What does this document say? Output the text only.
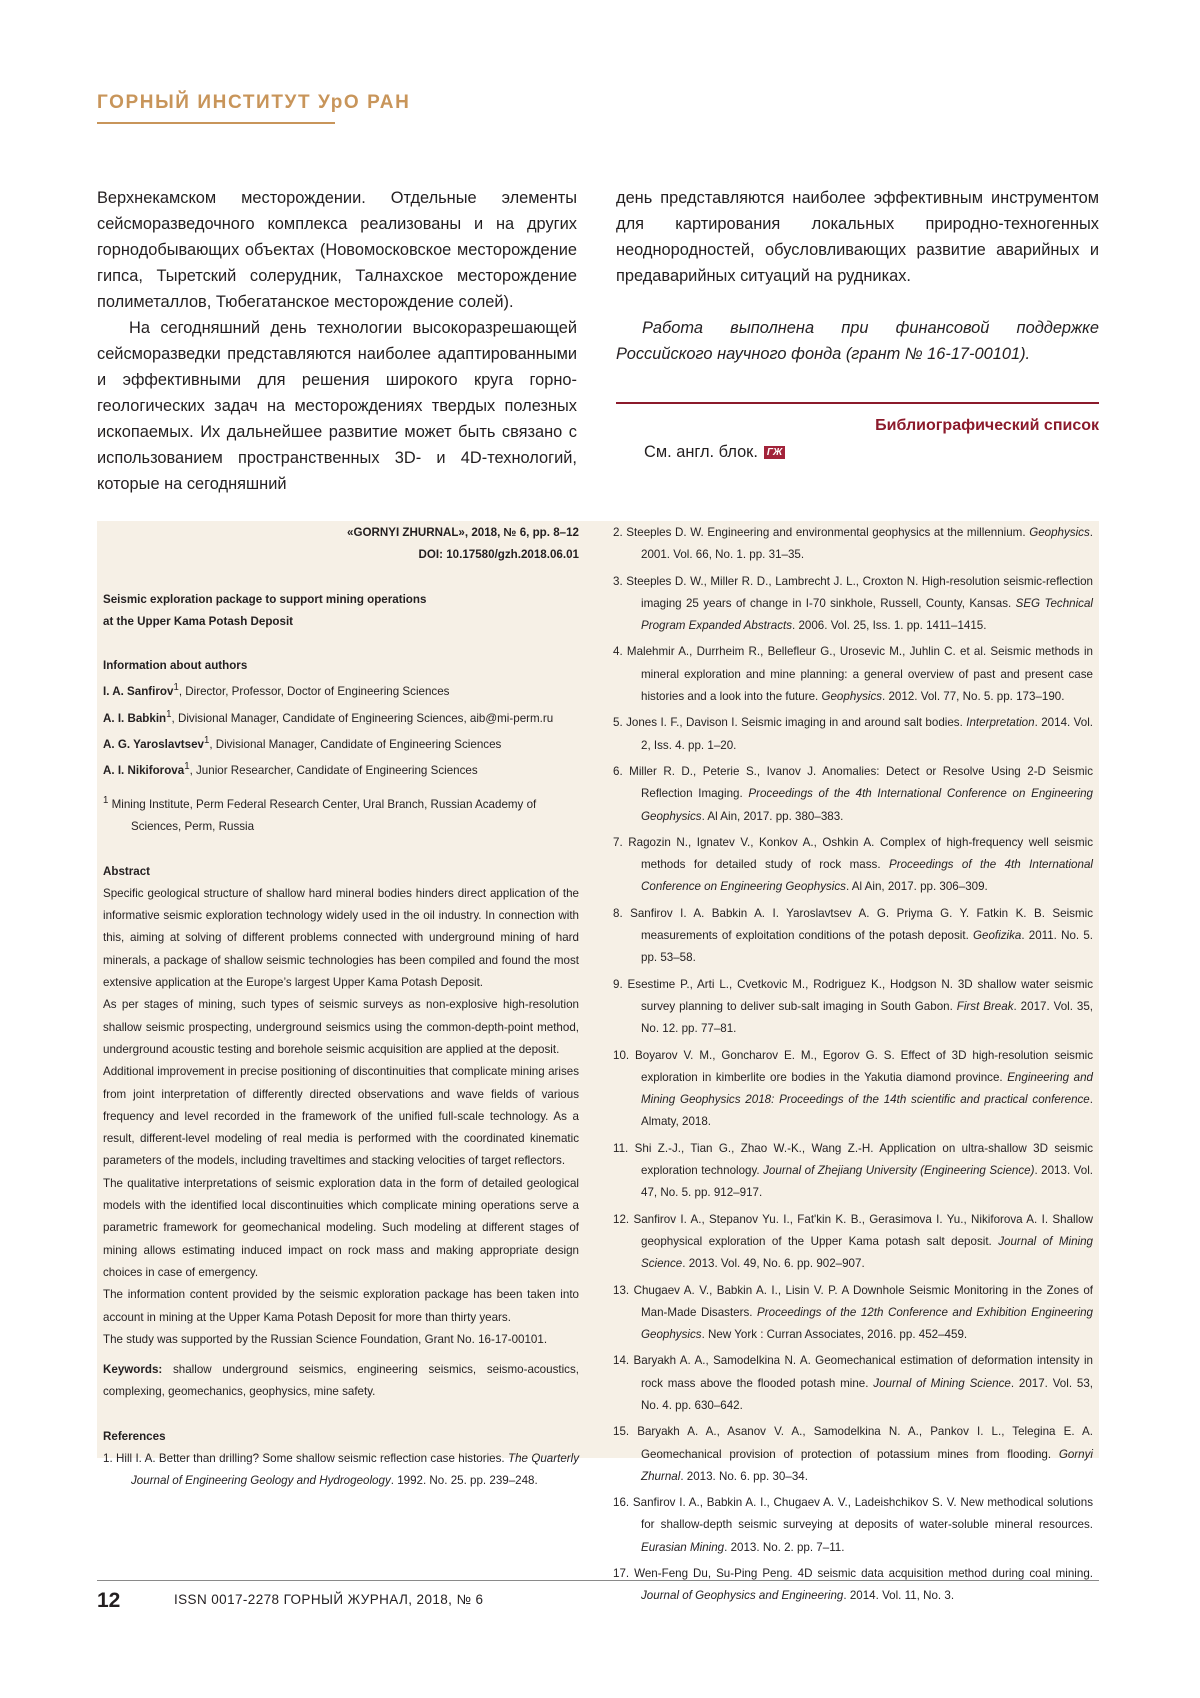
ГОРНЫЙ ИНСТИТУТ УрО РАН

Верхнекамском месторождении. Отдельные элементы сейсморазведочного комплекса реализованы и на других горнодобывающих объектах (Новомосковское месторождение гипса, Тыретский солерудник, Талнахское месторождение полиметаллов, Тюбегатанское месторождение солей).

На сегодняшний день технологии высокоразрешающей сейсморазведки представляются наиболее адаптированными и эффективными для решения широкого круга горно-геологических задач на месторождениях твердых полезных ископаемых. Их дальнейшее развитие может быть связано с использованием пространственных 3D- и 4D-технологий, которые на сегодняшний

день представляются наиболее эффективным инструментом для картирования локальных природно-техногенных неоднородностей, обусловливающих развитие аварийных и предаварийных ситуаций на рудниках.

Работа выполнена при финансовой поддержке Российского научного фонда (грант № 16-17-00101).

Библиографический список
См. англ. блок. ГЖ

«GORNYI ZHURNAL», 2018, № 6, pp. 8–12

DOI: 10.17580/gzh.2018.06.01

Seismic exploration package to support mining operations

at the Upper Kama Potash Deposit

Information about authors

I. A. Sanfirov$^1$, Director, Professor, Doctor of Engineering Sciences

A. I. Babkin$^1$, Divisional Manager, Candidate of Engineering Sciences, aib@mi-perm.ru

A. G. Yaroslavtsev$^1$, Divisional Manager, Candidate of Engineering Sciences

A. I. Nikiforova$^1$, Junior Researcher, Candidate of Engineering Sciences

$^1$ Mining Institute, Perm Federal Research Center, Ural Branch, Russian Academy of Sciences, Perm, Russia

Abstract

Specific geological structure of shallow hard mineral bodies hinders direct application of the informative seismic exploration technology widely used in the oil industry. In connection with this, aiming at solving of different problems connected with underground mining of hard minerals, a package of shallow seismic technologies has been compiled and found the most extensive application at the Europe’s largest Upper Kama Potash Deposit.

As per stages of mining, such types of seismic surveys as non-explosive high-resolution shallow seismic prospecting, underground seismics using the common-depth-point method, underground acoustic testing and borehole seismic acquisition are applied at the deposit.

Additional improvement in precise positioning of discontinuities that complicate mining arises from joint interpretation of differently directed observations and wave fields of various frequency and level recorded in the framework of the unified full-scale technology. As a result, different-level modeling of real media is performed with the coordinated kinematic parameters of the models, including traveltimes and stacking velocities of target reflectors.

The qualitative interpretations of seismic exploration data in the form of detailed geological models with the identified local discontinuities which complicate mining operations serve a parametric framework for geomechanical modeling. Such modeling at different stages of mining allows estimating induced impact on rock mass and making appropriate design choices in case of emergency.

The information content provided by the seismic exploration package has been taken into account in mining at the Upper Kama Potash Deposit for more than thirty years.

The study was supported by the Russian Science Foundation, Grant No. 16-17-00101.

Keywords: shallow underground seismics, engineering seismics, seismo-acoustics, complexing, geomechanics, geophysics, mine safety.

References

1. Hill I. A. Better than drilling? Some shallow seismic reflection case histories. The Quarterly Journal of Engineering Geology and Hydrogeology. 1992. No. 25. pp. 239–248.

2. Steeples D. W. Engineering and environmental geophysics at the millennium. Geophysics. 2001. Vol. 66, No. 1. pp. 31–35.

3. Steeples D. W., Miller R. D., Lambrecht J. L., Croxton N. High-resolution seismic-reflection imaging 25 years of change in I-70 sinkhole, Russell, County, Kansas. SEG Technical Program Expanded Abstracts. 2006. Vol. 25, Iss. 1. pp. 1411–1415.

4. Malehmir A., Durrheim R., Bellefleur G., Urosevic M., Juhlin C. et al. Seismic methods in mineral exploration and mine planning: a general overview of past and present case histories and a look into the future. Geophysics. 2012. Vol. 77, No. 5. pp. 173–190.

5. Jones I. F., Davison I. Seismic imaging in and around salt bodies. Interpretation. 2014. Vol. 2, Iss. 4. pp. 1–20.

6. Miller R. D., Peterie S., Ivanov J. Anomalies: Detect or Resolve Using 2-D Seismic Reflection Imaging. Proceedings of the 4th International Conference on Engineering Geophysics. Al Ain, 2017. pp. 380–383.

7. Ragozin N., Ignatev V., Konkov A., Oshkin A. Complex of high-frequency well seismic methods for detailed study of rock mass. Proceedings of the 4th International Conference on Engineering Geophysics. Al Ain, 2017. pp. 306–309.

8. Sanfirov I. A. Babkin A. I. Yaroslavtsev A. G. Priyma G. Y. Fatkin K. B. Seismic measurements of exploitation conditions of the potash deposit. Geofizika. 2011. No. 5. pp. 53–58.

9. Esestime P., Arti L., Cvetkovic M., Rodriguez K., Hodgson N. 3D shallow water seismic survey planning to deliver sub-salt imaging in South Gabon. First Break. 2017. Vol. 35, No. 12. pp. 77–81.

10. Boyarov V. M., Goncharov E. M., Egorov G. S. Effect of 3D high-resolution seismic exploration in kimberlite ore bodies in the Yakutia diamond province. Engineering and Mining Geophysics 2018: Proceedings of the 14th scientific and practical conference. Almaty, 2018.

11. Shi Z.-J., Tian G., Zhao W.-K., Wang Z.-H. Application on ultra-shallow 3D seismic exploration technology. Journal of Zhejiang University (Engineering Science). 2013. Vol. 47, No. 5. pp. 912–917.

12. Sanfirov I. A., Stepanov Yu. I., Fat'kin K. B., Gerasimova I. Yu., Nikiforova A. I. Shallow geophysical exploration of the Upper Kama potash salt deposit. Journal of Mining Science. 2013. Vol. 49, No. 6. pp. 902–907.

13. Chugaev A. V., Babkin A. I., Lisin V. P. A Downhole Seismic Monitoring in the Zones of Man-Made Disasters. Proceedings of the 12th Conference and Exhibition Engineering Geophysics. New York : Curran Associates, 2016. pp. 452–459.

14. Baryakh A. A., Samodelkina N. A. Geomechanical estimation of deformation intensity in rock mass above the flooded potash mine. Journal of Mining Science. 2017. Vol. 53, No. 4. pp. 630–642.

15. Baryakh A. A., Asanov V. A., Samodelkina N. A., Pankov I. L., Telegina E. A. Geomechanical provision of protection of potassium mines from flooding. Gornyi Zhurnal. 2013. No. 6. pp. 30–34.

16. Sanfirov I. A., Babkin A. I., Chugaev A. V., Ladeishchikov S. V. New methodical solutions for shallow-depth seismic surveying at deposits of water-soluble mineral resources. Eurasian Mining. 2013. No. 2. pp. 7–11.

17. Wen-Feng Du, Su-Ping Peng. 4D seismic data acquisition method during coal mining. Journal of Geophysics and Engineering. 2014. Vol. 11, No. 3.

12	ISSN 0017-2278 ГОРНЫЙ ЖУРНАЛ, 2018, № 6
